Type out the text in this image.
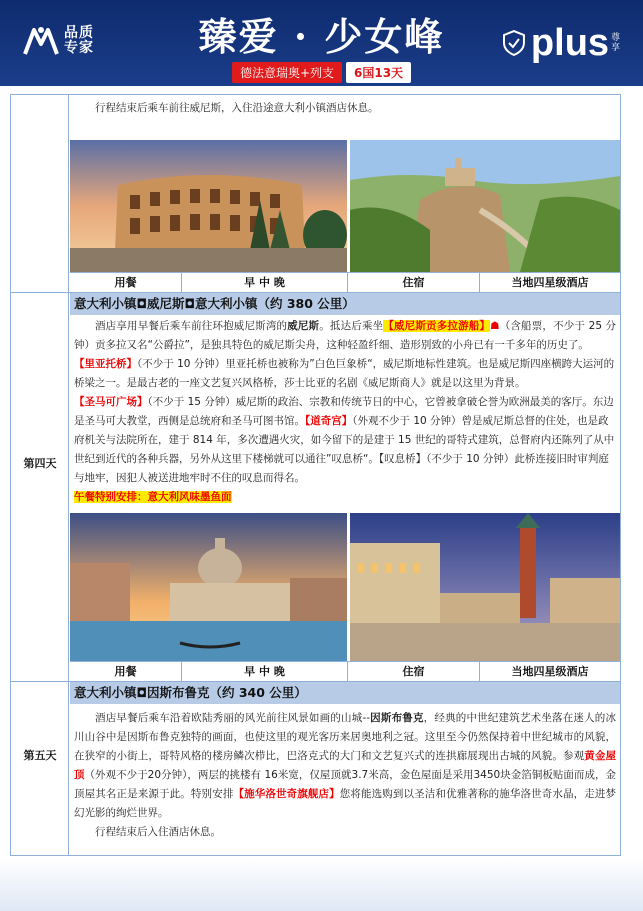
品质
专家	臻爱 · 少女峰
德法意瑞奥+列支	6国13天
plus 尊享

行程结束后乘车前往威尼斯，入住沿途意大利小镇酒店休息。

用餐	早 中 晚	住宿	当地四星级酒店
第四天
意大利小镇◘威尼斯◘意大利小镇（约 380 公里）

酒店享用早餐后乘车前往环抱威尼斯湾的威尼斯。抵达后乘坐【威尼斯贡多拉游船】☗（含船票，不少于 25 分钟）贡多拉又名“公爵拉”，是独具特色的威尼斯尖舟，这种轻盈纤细、造形别致的小舟已有一千多年的历史了。

【里亚托桥】（不少于 10 分钟）里亚托桥也被称为”白色巨象桥“，威尼斯地标性建筑。也是威尼斯四座横跨大运河的桥梁之一。是最古老的一座文艺复兴风格桥，莎士比亚的名剧《威尼斯商人》就是以这里为背景。

【圣马可广场】（不少于 15 分钟）威尼斯的政治、宗教和传统节日的中心，它曾被拿破仑誉为欧洲最美的客厅。东边是圣马可大教堂，西侧是总统府和圣马可图书馆。【道奇宫】（外观不少于 10 分钟）曾是威尼斯总督的住处，也是政府机关与法院所在，建于 814 年，多次遭遇火灾，如今留下的是建于 15 世纪的哥特式建筑，总督府内还陈列了从中世纪到近代的各种兵器，另外从这里下楼梯就可以通往”叹息桥“。【叹息桥】（不少于 10 分钟）此桥连接旧时审判庭与地牢，因犯人被送进地牢时不住的叹息而得名。

午餐特别安排：意大利风味墨鱼面

用餐	早 中 晚	住宿	当地四星级酒店
第五天
意大利小镇◘因斯布鲁克（约 340 公里）

酒店早餐后乘车沿着欧陆秀丽的风光前往风景如画的山城--因斯布鲁克，经典的中世纪建筑艺术坐落在迷人的冰川山谷中是因斯布鲁克独特的画面，也使这里的观光客历来居奥地利之冠。这里至今仍然保持着中世纪城市的风貌，在狭窄的小街上，哥特风格的楼房鳞次栉比，巴洛克式的大门和文艺复兴式的连拱廊展现出古城的风貌。参观黄金屋顶（外观不少于20分钟），两层的挑楼有 16米宽，仅屋顶就3.7米高，金色屋面是采用3450块金箔铜板贴面而成，金顶屋其名正是来源于此。特别安排【施华洛世奇旗舰店】您将能选购到以圣洁和优雅著称的施华洛世奇水晶，走进梦幻光影的绚烂世界。

行程结束后入住酒店休息。
